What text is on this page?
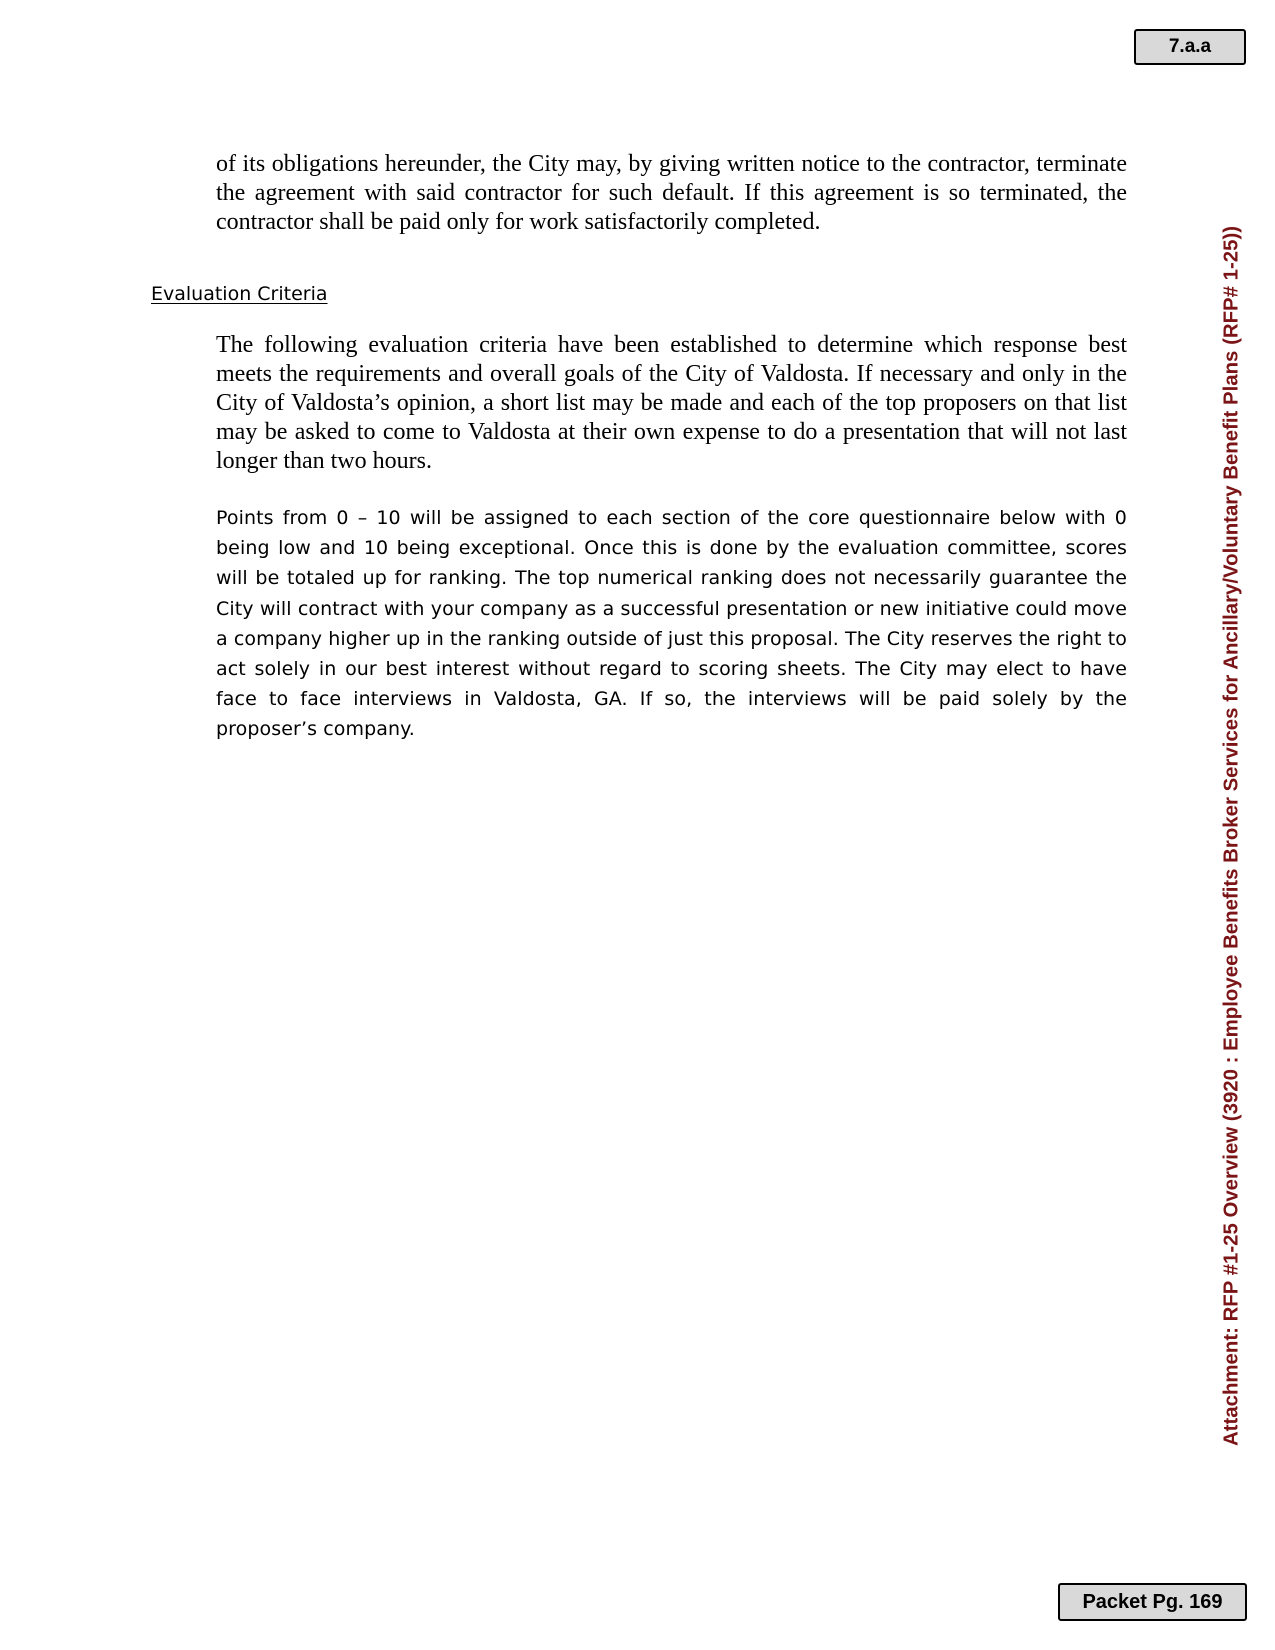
7.a.a

of its obligations hereunder, the City may, by giving written notice to the contractor, terminate the agreement with said contractor for such default. If this agreement is so terminated, the contractor shall be paid only for work satisfactorily completed.

Evaluation Criteria

The following evaluation criteria have been established to determine which response best meets the requirements and overall goals of the City of Valdosta. If necessary and only in the City of Valdosta’s opinion, a short list may be made and each of the top proposers on that list may be asked to come to Valdosta at their own expense to do a presentation that will not last longer than two hours.

Points from 0 – 10 will be assigned to each section of the core questionnaire below with 0 being low and 10 being exceptional. Once this is done by the evaluation committee, scores will be totaled up for ranking. The top numerical ranking does not necessarily guarantee the City will contract with your company as a successful presentation or new initiative could move a company higher up in the ranking outside of just this proposal. The City reserves the right to act solely in our best interest without regard to scoring sheets. The City may elect to have face to face interviews in Valdosta, GA. If so, the interviews will be paid solely by the proposer’s company.	Attachment: RFP #1-25 Overview (3920 : Employee Benefits Broker Services for Ancillary/Voluntary Benefit Plans (RFP# 1-25))
Packet Pg. 169
